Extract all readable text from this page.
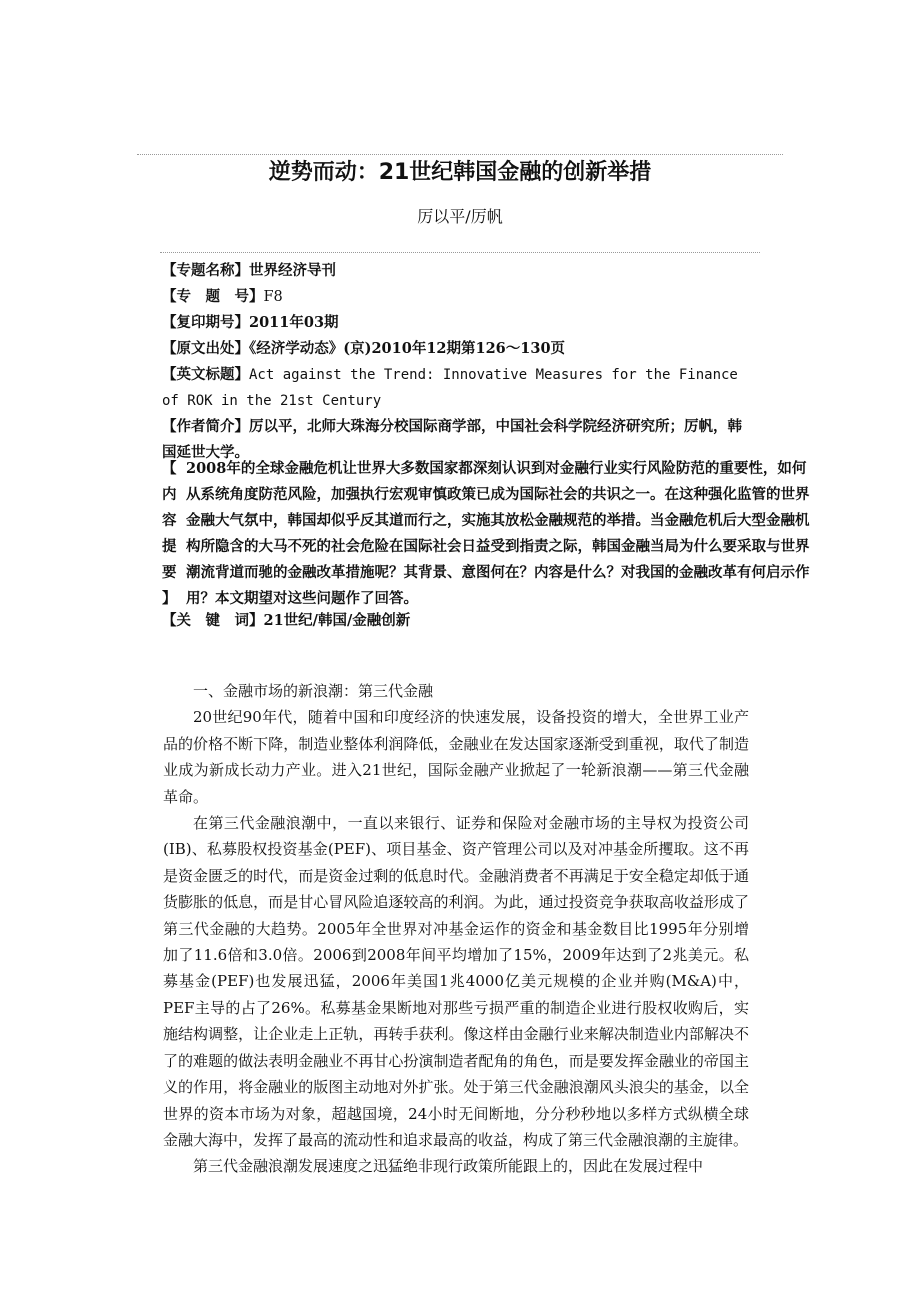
逆势而动：21世纪韩国金融的创新举措
厉以平/厉帆
【专题名称】世界经济导刊
【专　题　号】F8
【复印期号】2011年03期
【原文出处】《经济学动态》(京)2010年12期第126～130页
【英文标题】Act against the Trend: Innovative Measures for the Finance of ROK in the 21st Century
【作者简介】厉以平，北师大珠海分校国际商学部，中国社会科学院经济研究所；厉帆，韩国延世大学。
【
内
容
提
要
】
2008年的全球金融危机让世界大多数国家都深刻认识到对金融行业实行风险防范的重要性，如何从系统角度防范风险，加强执行宏观审慎政策已成为国际社会的共识之一。在这种强化监管的世界金融大气氛中，韩国却似乎反其道而行之，实施其放松金融规范的举措。当金融危机后大型金融机构所隐含的大马不死的社会危险在国际社会日益受到指责之际，韩国金融当局为什么要采取与世界潮流背道而驰的金融改革措施呢？其背景、意图何在？内容是什么？对我国的金融改革有何启示作用？本文期望对这些问题作了回答。
【关　键　词】21世纪/韩国/金融创新

一、金融市场的新浪潮：第三代金融

20世纪90年代，随着中国和印度经济的快速发展，设备投资的增大，全世界工业产品的价格不断下降，制造业整体利润降低，金融业在发达国家逐渐受到重视，取代了制造业成为新成长动力产业。进入21世纪，国际金融产业掀起了一轮新浪潮——第三代金融革命。

在第三代金融浪潮中，一直以来银行、证券和保险对金融市场的主导权为投资公司(IB)、私募股权投资基金(PEF)、项目基金、资产管理公司以及对冲基金所攫取。这不再是资金匮乏的时代，而是资金过剩的低息时代。金融消费者不再满足于安全稳定却低于通货膨胀的低息，而是甘心冒风险追逐较高的利润。为此，通过投资竞争获取高收益形成了第三代金融的大趋势。2005年全世界对冲基金运作的资金和基金数目比1995年分别增加了11.6倍和3.0倍。2006到2008年间平均增加了15%，2009年达到了2兆美元。私募基金(PEF)也发展迅猛，2006年美国1兆4000亿美元规模的企业并购(M&A)中，PEF主导的占了26%。私募基金果断地对那些亏损严重的制造企业进行股权收购后，实施结构调整，让企业走上正轨，再转手获利。像这样由金融行业来解决制造业内部解决不了的难题的做法表明金融业不再甘心扮演制造者配角的角色，而是要发挥金融业的帝国主义的作用，将金融业的版图主动地对外扩张。处于第三代金融浪潮风头浪尖的基金，以全世界的资本市场为对象，超越国境，24小时无间断地，分分秒秒地以多样方式纵横全球金融大海中，发挥了最高的流动性和追求最高的收益，构成了第三代金融浪潮的主旋律。

第三代金融浪潮发展速度之迅猛绝非现行政策所能跟上的，因此在发展过程中
